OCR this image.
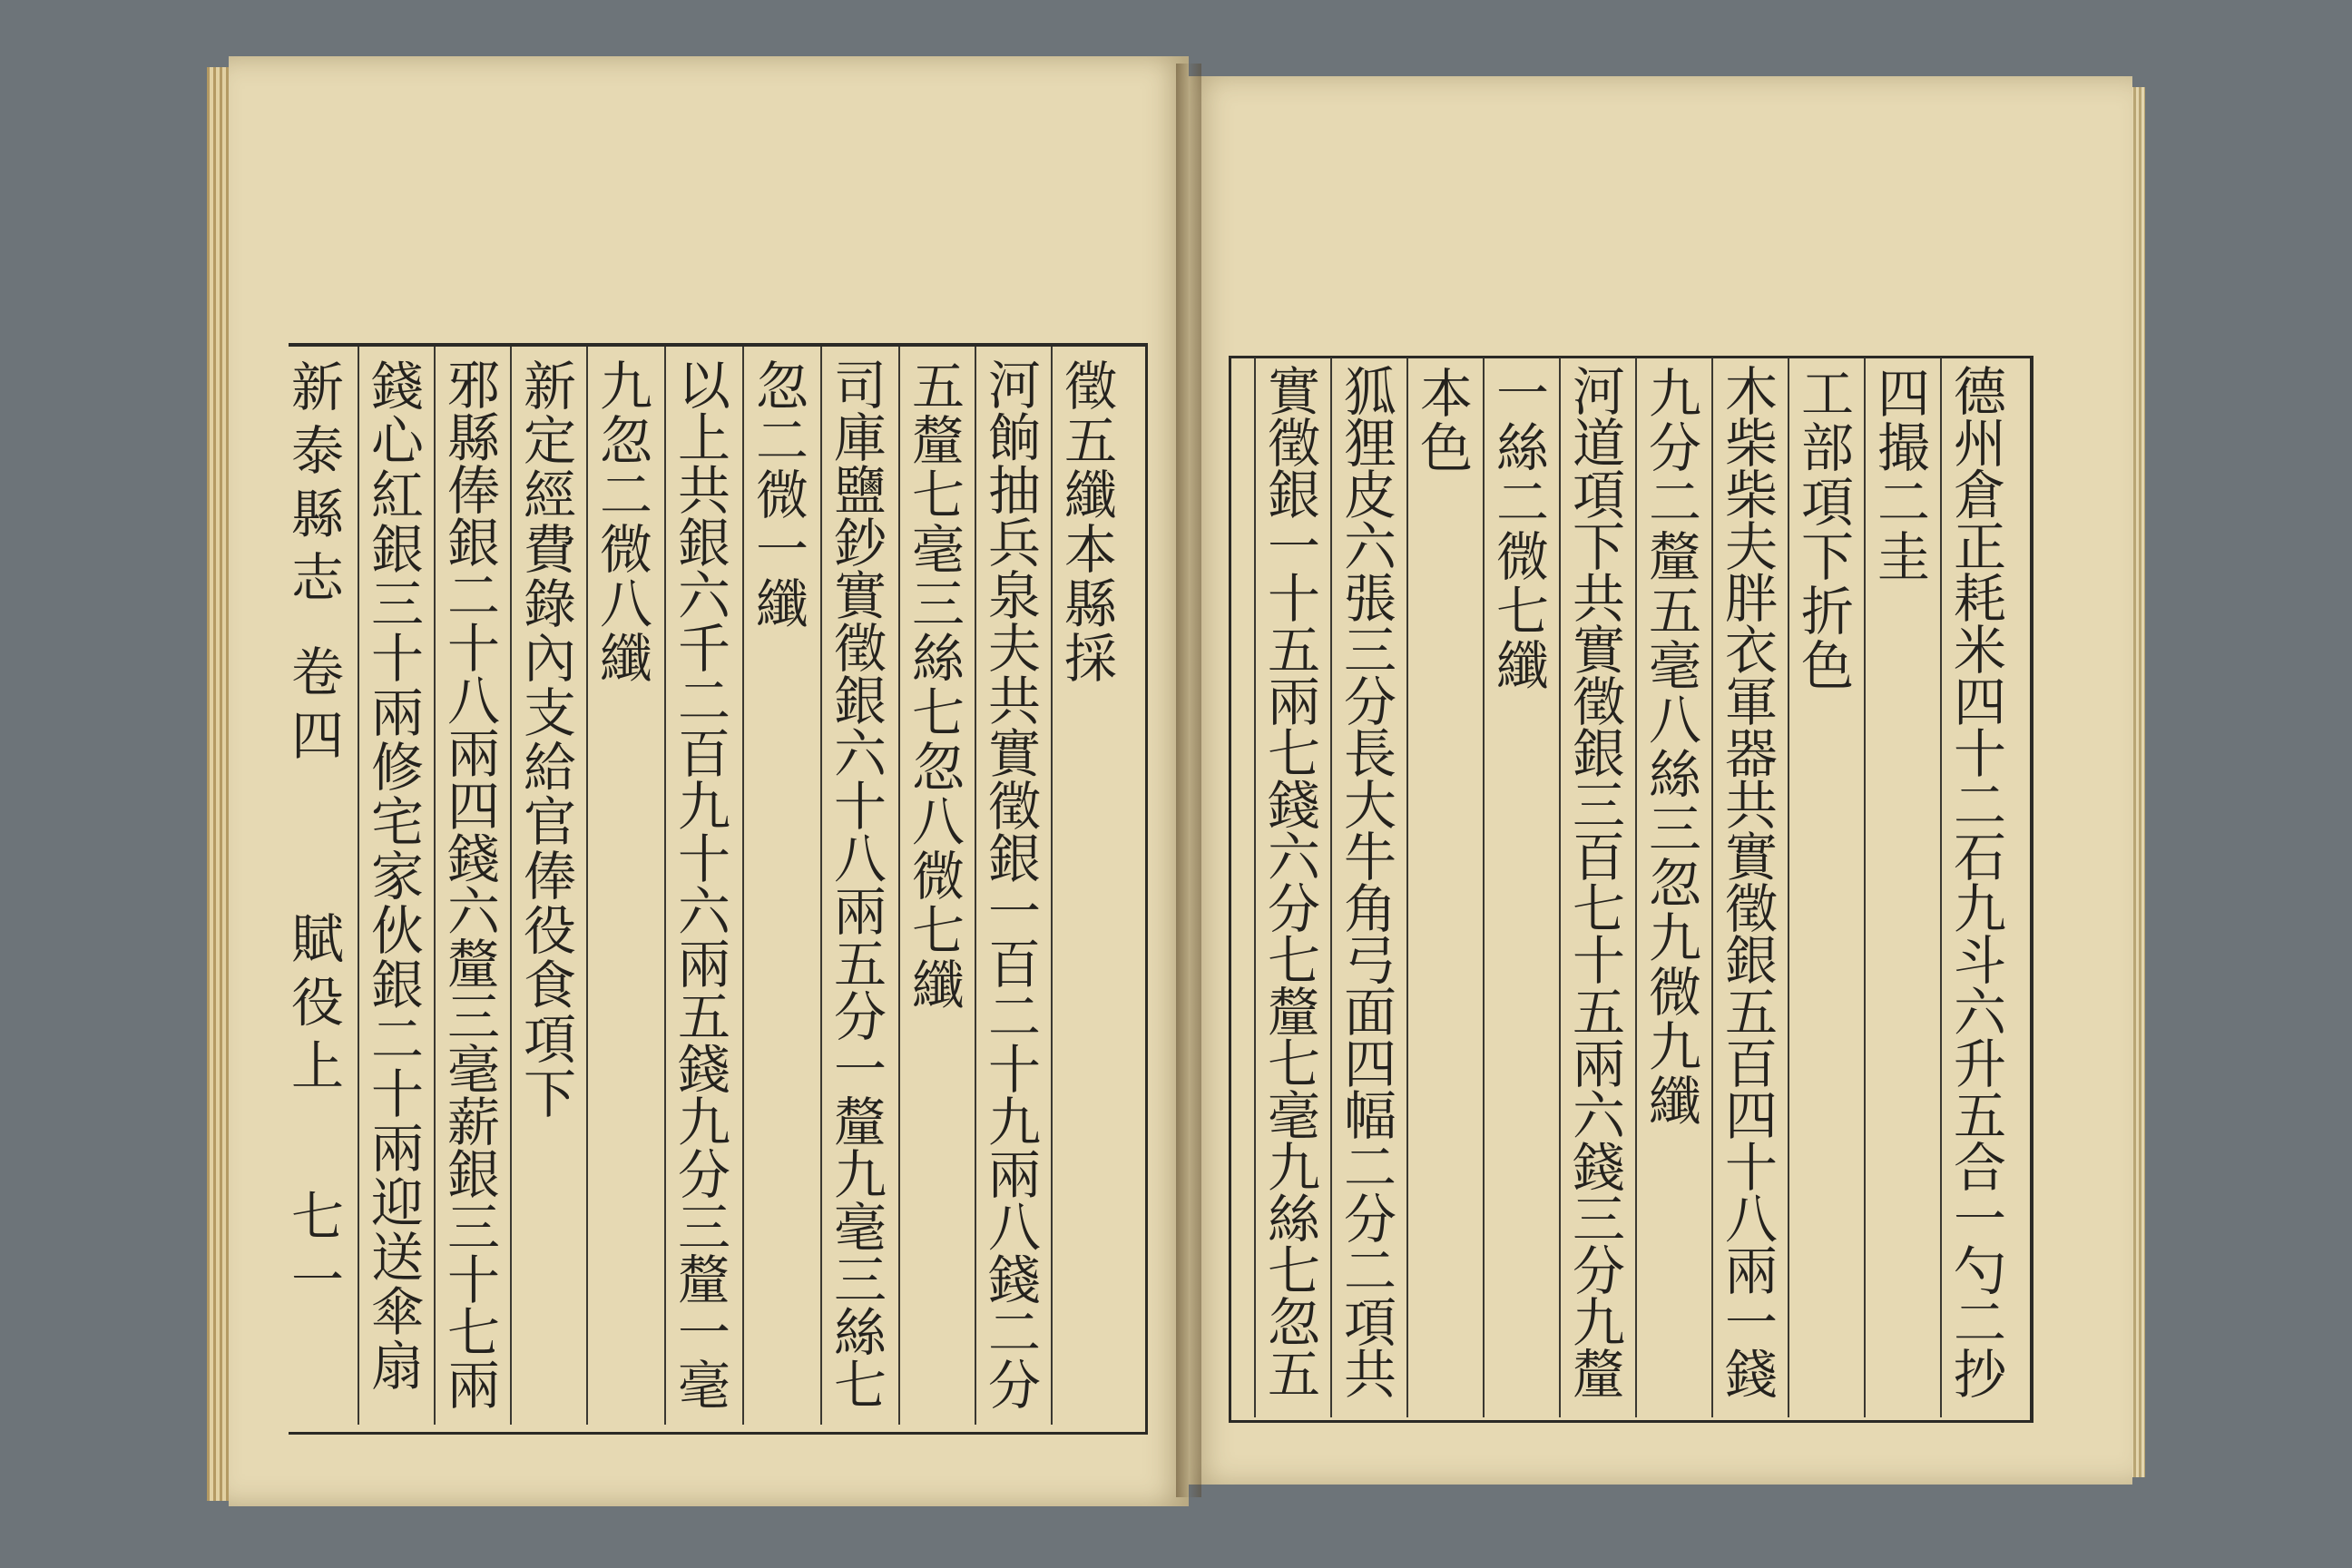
新
泰
縣
志
卷
四
賦
役
上
七
一
錢
心
紅
銀
三
十
兩
修
宅
家
伙
銀
二
十
兩
迎
送
傘
扇
邪
縣
俸
銀
二
十
八
兩
四
錢
六
釐
三
毫
薪
銀
三
十
七
兩
新
定
經
費
錄
內
支
給
官
俸
役
食
項
下
九
忽
二
微
八
纖
以
上
共
銀
六
千
二
百
九
十
六
兩
五
錢
九
分
三
釐
一
毫
忽
二
微
一
纖
司
庫
鹽
鈔
實
徵
銀
六
十
八
兩
五
分
一
釐
九
毫
三
絲
七
五
釐
七
毫
三
絲
七
忽
八
微
七
纖
河
餉
抽
兵
泉
夫
共
實
徵
銀
一
百
二
十
九
兩
八
錢
二
分
徵
五
纖
本
縣
採
德
州
倉
正
耗
米
四
十
二
石
九
斗
六
升
五
合
一
勺
二
抄
四
撮
二
圭
工
部
項
下
折
色
木
柴
柴
夫
胖
衣
軍
器
共
實
徵
銀
五
百
四
十
八
兩
一
錢
九
分
二
釐
五
毫
八
絲
三
忽
九
微
九
纖
河
道
項
下
共
實
徵
銀
三
百
七
十
五
兩
六
錢
三
分
九
釐
一
絲
二
微
七
纖
本
色
狐
狸
皮
六
張
三
分
長
大
牛
角
弓
面
四
幅
二
分
二
項
共
實
徵
銀
一
十
五
兩
七
錢
六
分
七
釐
七
毫
九
絲
七
忽
五
